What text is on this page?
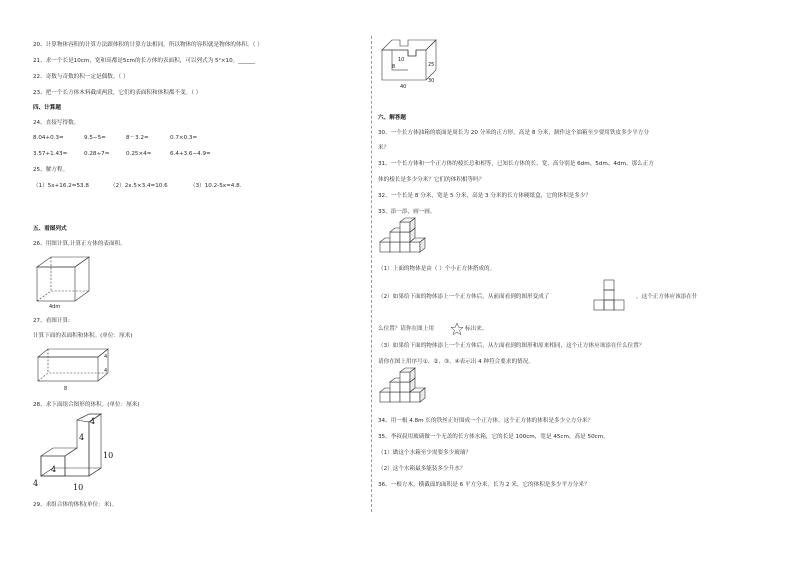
20、计算物体容积的计算方法跟体积的计算方法相同，所以物体的容积就是物体的体积。（ ）
21、求一个长是10cm，宽和高都是5cm的长方体的表面积，可以列式为 5²×10。______
22、奇数与奇数的积一定是偶数。（ ）
23、把一个长方体木料截成两段，它们的表面积和体积都不变。（ ）
四、计算题
24、直接写得数。
8.04+0.3=	9.5−5=	8－3.2=	0.7×0.3=
3.57+1.43=	0.28÷7=	0.25×4=	6.4+3.6−4.9=
25、解方程。
（1）5x+16.2=53.8	（2）2x.5×3.4=10.6	（3）10.2-5x=4.8.
五、看图列式
26、用图计算,计算正方体的表面积。
4dm
27、看图计算:
计算下面的表面积和体积。(单位：厘米)
4
4
8
28、求下面组合图形的体积。(单位：厘米)
4
4
10
4
4	10
29、求组合体的体积(单位：米)。
8
10
25
40
30
六、解答题
30、一个长方体油箱的底面是周长为 20 分米的正方形，高是 8 分米，制作这个油箱至少要用铁皮多少平方分
米？
31、一个长方体和一个正方体的棱长总和相等，已知长方体的长、宽、高分别是 6dm、5dm、4dm，那么正方
体的棱长是多少分米？它们的体积相等吗？
32、一个长是 8 分米，宽是 5 分米，高是 3 分米的长方体硬纸盒，它的体积是多少？
33、添一添，画一画。
（1）上面的物体是由（ ）个小正方体搭成的。
（2）如果给下面的物体添上一个正方体后，从前面看到的图形变成了	，这个正方体应该添在什
么位置？请你在图上用	标出来。
（3）如果给下面的物体添上一个正方体后，从左面看到的图形和原来相同，这个正方体应该添在什么位置？
请你在图上用序号①、②、③、④表示出 4 种符合要求的情况。
34、用一根 4.8m 长的铁丝正好围成一个正方体，这个正方体的体积是多少立方分米？
35、李叔叔用玻璃做一个无盖的长方体水箱，它的长是 100cm，宽是 45cm，高是 50cm。
（1）做这个水箱至少需要多少玻璃？
（2）这个水箱最多能装多少升水？
36、一根方木，横截面的面积是 6 平方分米，长为 2 米，它的体积是多少平方分米？
